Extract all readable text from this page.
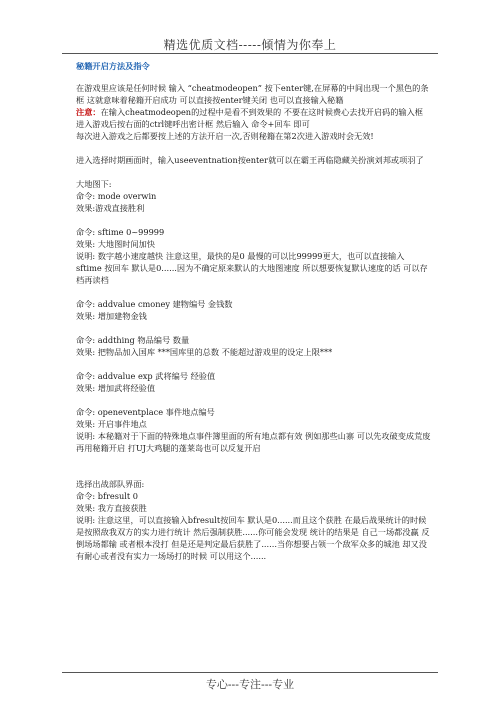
精选优质文档-----倾情为你奉上

秘籍开启方法及指令

在游戏里应该是任何时候 输入 “cheatmodeopen” 按下enter键,在屏幕的中间出现一个黑色的条框 这就意味着秘籍开启成功 可以直接按enter键关闭 也可以直接输入秘籍

注意：在输入cheatmodeopen的过程中是看不到效果的 不要在这时候费心去找开启码的输入框

进入游戏后按右面的ctrl键呼出密计框 然后输入 命令+回车 即可

每次进入游戏之后都要按上述的方法开启一次,否则秘籍在第2次进入游戏时会无效!

进入选择时期画面时，输入useeventnation按enter就可以在霸王再临隐藏关扮演刘邦或项羽了

大地图下:

命令: mode overwin

效果:游戏直接胜利

命令: sftime 0~99999

效果: 大地图时间加快

说明: 数字越小速度越快 注意这里，最快的是0 最慢的可以比99999更大，也可以直接输入 sftime 按回车 默认是0......因为不确定原来默认的大地图速度 所以想要恢复默认速度的话 可以存档再读档

命令: addvalue cmoney 建物编号 金钱数

效果: 增加建物金钱

命令: addthing 物品编号 数量

效果: 把物品加入国库 ***国库里的总数 不能超过游戏里的设定上限***

命令: addvalue exp 武将编号 经验值

效果: 增加武将经验值

命令: openeventplace 事件地点编号

效果: 开启事件地点

说明: 本秘籍对于下面的特殊地点事件簿里面的所有地点都有效 例如那些山寨 可以先攻破变成荒废 再用秘籍开启 打UJ大鸡腿的蓬莱岛也可以反复开启

选择出战部队界面:

命令: bfresult 0

效果: 我方直接获胜

说明: 注意这里，可以直接输入bfresult按回车 默认是0......而且这个获胜 在最后战果统计的时候 是按照敌我双方的实力进行统计 然后强制获胜......你可能会发现 统计的结果是 自己一场都没赢 反倒场场都输 或者根本没打 但是还是判定最后获胜了......当你想要占领一个敌军众多的城池 却又没有耐心或者没有实力一场场打的时候 可以用这个......

专心---专注---专业
